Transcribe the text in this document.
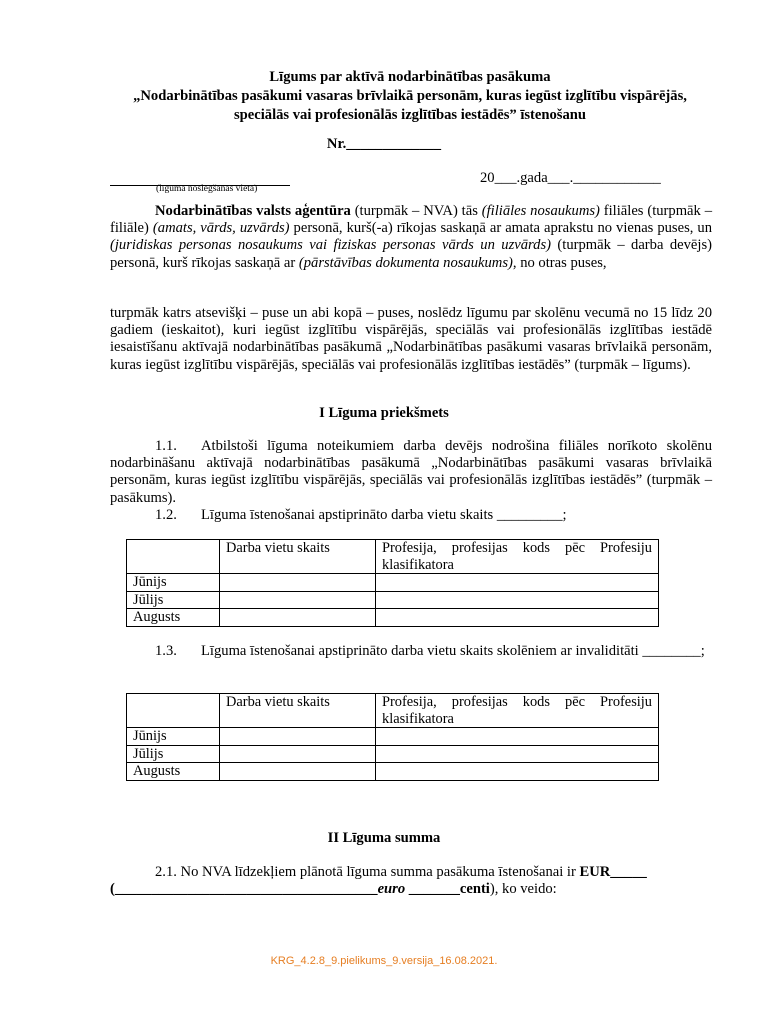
Līgums par aktīvā nodarbinātības pasākuma
„Nodarbinātības pasākumi vasaras brīvlaikā personām, kuras iegūst izglītību vispārējās,
speciālās vai profesionālās izglītības iestādēs” īstenošanu
Nr._____________
(līguma noslēgšanas vieta)
20___.gada___.____________
Nodarbinātības valsts aģentūra (turpmāk – NVA) tās (filiāles nosaukums) filiāles (turpmāk – filiāle) (amats, vārds, uzvārds) personā, kurš(-a) rīkojas saskaņā ar amata aprakstu no vienas puses, un (juridiskas personas nosaukums vai fiziskas personas vārds un uzvārds) (turpmāk – darba devējs) personā, kurš rīkojas saskaņā ar (pārstāvības dokumenta nosaukums), no otras puses,
turpmāk katrs atsevišķi – puse un abi kopā – puses, noslēdz līgumu par skolēnu vecumā no 15 līdz 20 gadiem (ieskaitot), kuri iegūst izglītību vispārējās, speciālās vai profesionālās izglītības iestādē iesaistīšanu aktīvajā nodarbinātības pasākumā „Nodarbinātības pasākumi vasaras brīvlaikā personām, kuras iegūst izglītību vispārējās, speciālās vai profesionālās izglītības iestādēs” (turpmāk – līgums).
I Līguma priekšmets
1.1. Atbilstoši līguma noteikumiem darba devējs nodrošina filiāles norīkoto skolēnu nodarbināšanu aktīvajā nodarbinātības pasākumā „Nodarbinātības pasākumi vasaras brīvlaikā personām, kuras iegūst izglītību vispārējās, speciālās vai profesionālās izglītības iestādēs” (turpmāk – pasākums).
1.2. Līguma īstenošanai apstiprināto darba vietu skaits _________;
	Darba vietu skaits	Profesija, profesijas kods pēc Profesiju klasifikatora
Jūnijs		
Jūlijs		
Augusts		
1.3. Līguma īstenošanai apstiprināto darba vietu skaits skolēniem ar invaliditāti ________;
	Darba vietu skaits	Profesija, profesijas kods pēc Profesiju klasifikatora
Jūnijs		
Jūlijs		
Augusts		
II Līguma summa
2.1. No NVA līdzekļiem plānotā līguma summa pasākuma īstenošanai ir EUR_____
(____________________________________euro _______centi), ko veido:
KRG_4.2.8_9.pielikums_9.versija_16.08.2021.
